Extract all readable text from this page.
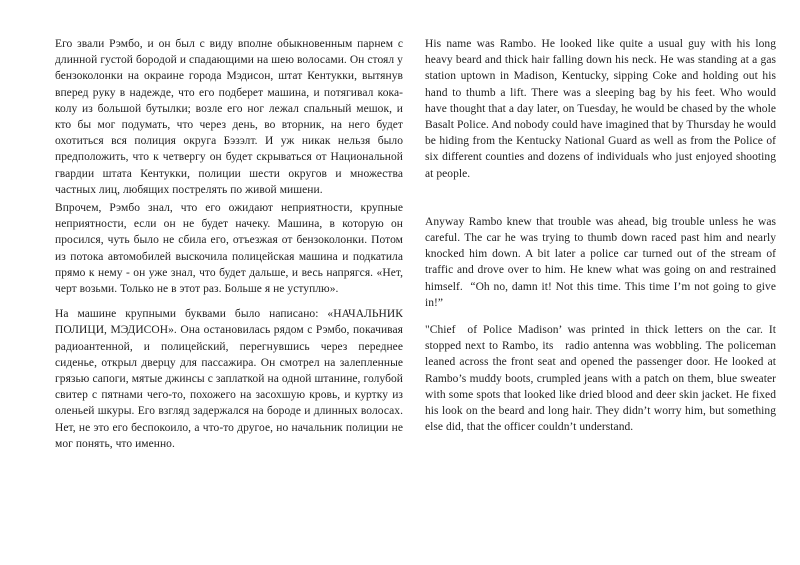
Его звали Рэмбо, и он был с виду вполне обыкновенным парнем с длинной густой бородой и спадающими на шею волосами. Он стоял у бензоколонки на окраине города Мэдисон, штат Кентукки, вытянув вперед руку в надежде, что его подберет машина, и потягивал кока-колу из большой бутылки; возле его ног лежал спальный мешок, и кто бы мог подумать, что через день, во вторник, на него будет охотиться вся полиция округа Бэзэлт. И уж никак нельзя было предположить, что к четвергу он будет скрываться от Национальной гвардии штата Кентукки, полиции шести округов и множества частных лиц, любящих пострелять по живой мишени.

Впрочем, Рэмбо знал, что его ожидают неприятности, крупные неприятности, если он не будет начеку. Машина, в которую он просился, чуть было не сбила его, отъезжая от бензоколонки. Потом из потока автомобилей выскочила полицейская машина и подкатила прямо к нему - он уже знал, что будет дальше, и весь напрягся. «Нет, черт возьми. Только не в этот раз. Больше я не уступлю».

На машине крупными буквами было написано: «НАЧАЛЬНИК ПОЛИЦИ, МЭДИСОН». Она остановилась рядом с Рэмбо, покачивая радиоантенной, и полицейский, перегнувшись через переднее сиденье, открыл дверцу для пассажира. Он смотрел на залепленные грязью сапоги, мятые джинсы с заплаткой на одной штанине, голубой свитер с пятнами чего-то, похожего на засохшую кровь, и куртку из оленьей шкуры. Его взгляд задержался на бороде и длинных волосах. Нет, не это его беспокоило, а что-то другое, но начальник полиции не мог понять, что именно.

His name was Rambo. He looked like quite a usual guy with his long heavy beard and thick hair falling down his neck. He was standing at a gas station uptown in Madison, Kentucky, sipping Coke and holding out his hand to thumb a lift. There was a sleeping bag by his feet. Who would have thought that a day later, on Tuesday, he would be chased by the whole Basalt Police. And nobody could have imagined that by Thursday he would be hiding from the Kentucky National Guard as well as from the Police of six different counties and dozens of individuals who just enjoyed shooting at people.

Anyway Rambo knew that trouble was ahead, big trouble unless he was careful. The car he was trying to thumb down raced past him and nearly knocked him down. A bit later a police car turned out of the stream of traffic and drove over to him. He knew what was going on and restrained himself.  “Oh no, damn it! Not this time. This time I’m not going to give in!”

"Chief  of Police Madison’ was printed in thick letters on the car. It stopped next to Rambo, its   radio antenna was wobbling. The policeman leaned across the front seat and opened the passenger door. He looked at Rambo’s muddy boots, crumpled jeans with a patch on them, blue sweater with some spots that looked like dried blood and deer skin jacket. He fixed his look on the beard and long hair. They didn’t worry him, but something else did, that the officer couldn’t understand.
